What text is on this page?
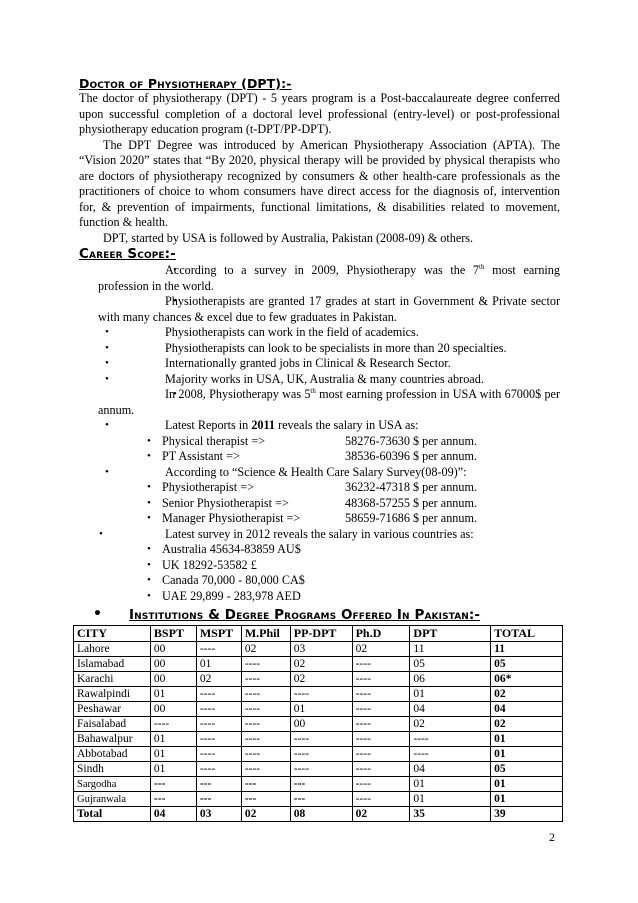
Doctor of Physiotherapy (DPT):-

The doctor of physiotherapy (DPT) - 5 years program is a Post-baccalaureate degree conferred upon successful completion of a doctoral level professional (entry-level) or post-professional physiotherapy education program (t-DPT/PP-DPT).

The DPT Degree was introduced by American Physiotherapy Association (APTA). The “Vision 2020” states that “By 2020, physical therapy will be provided by physical therapists who are doctors of physiotherapy recognized by consumers & other health-care professionals as the practitioners of choice to whom consumers have direct access for the diagnosis of, intervention for, & prevention of impairments, functional limitations, & disabilities related to movement, function & health.

DPT, started by USA is followed by Australia, Pakistan (2008-09) & others.

Career Scope:-

• According to a survey in 2009, Physiotherapy was the 7th most earning profession in the world.

• Physiotherapists are granted 17 grades at start in Government & Private sector with many chances & excel due to few graduates in Pakistan.

• Physiotherapists can work in the field of academics.

• Physiotherapists can look to be specialists in more than 20 specialties.

• Internationally granted jobs in Clinical & Research Sector.

• Majority works in USA, UK, Australia & many countries abroad.

• In 2008, Physiotherapy was 5th most earning profession in USA with 67000$ per annum.

• Latest Reports in 2011 reveals the salary in USA as:

• Physical therapist =>	58276-73630 $ per annum.
• PT Assistant =>	38536-60396 $ per annum.

• According to “Science & Health Care Salary Survey(08-09)”:

• Physiotherapist =>	36232-47318 $ per annum.
• Senior Physiotherapist =>	48368-57255 $ per annum.
• Manager Physiotherapist =>	58659-71686 $ per annum.

• Latest survey in 2012 reveals the salary in various countries as:

• Australia 45634-83859 AU$
• UK 18292-53582 £
• Canada 70,000 - 80,000 CA$
• UAE 29,899 - 283,978 AED
• Institutions & Degree Programs Offered In Pakistan:-
CITY	BSPT	MSPT	M.Phil	PP-DPT	Ph.D	DPT	TOTAL
Lahore	00	----	02	03	02	11	11
Islamabad	00	01	----	02	----	05	05
Karachi	00	02	----	02	----	06	06*
Rawalpindi	01	----	----	----	----	01	02
Peshawar	00	----	----	01	----	04	04
Faisalabad	----	----	----	00	----	02	02
Bahawalpur	01	----	----	----	----	----	01
Abbotabad	01	----	----	----	----	----	01
Sindh	01	----	----	----	----	04	05
Sargodha	---	---	---	---	----	01	01
Gujranwala	---	---	---	---	----	01	01
Total	04	03	02	08	02	35	39
2
